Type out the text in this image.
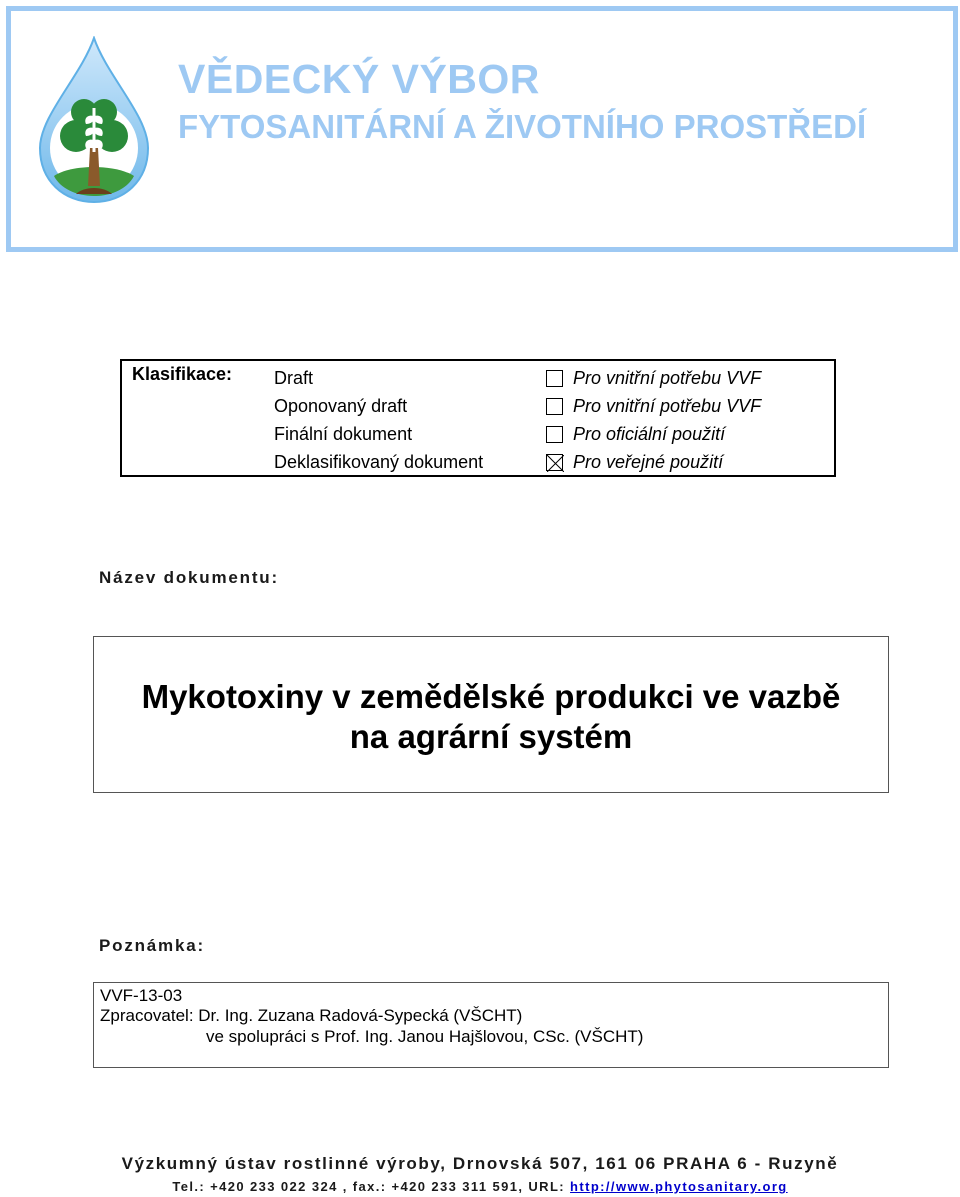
VĚDECKÝ VÝBOR
FYTOSANITÁRNÍ A ŽIVOTNÍHO PROSTŘEDÍ
Klasifikace: Draft
Oponovaný draft
Finální dokument
Deklasifikovaný dokument
Pro vnitřní potřebu VVF
Pro vnitřní potřebu VVF
Pro oficiální použití
Pro veřejné použití
Název dokumentu:
Mykotoxiny v zemědělské produkci ve vazbě
na agrární systém
Poznámka:
VVF-13-03
Zpracovatel: Dr. Ing. Zuzana Radová-Sypecká (VŠCHT)
ve spolupráci s Prof. Ing. Janou Hajšlovou, CSc. (VŠCHT)
Výzkumný ústav rostlinné výroby, Drnovská 507, 161 06 PRAHA 6 - Ruzyně
Tel.: +420 233 022 324 , fax.: +420 233 311 591, URL: http://www.phytosanitary.org
